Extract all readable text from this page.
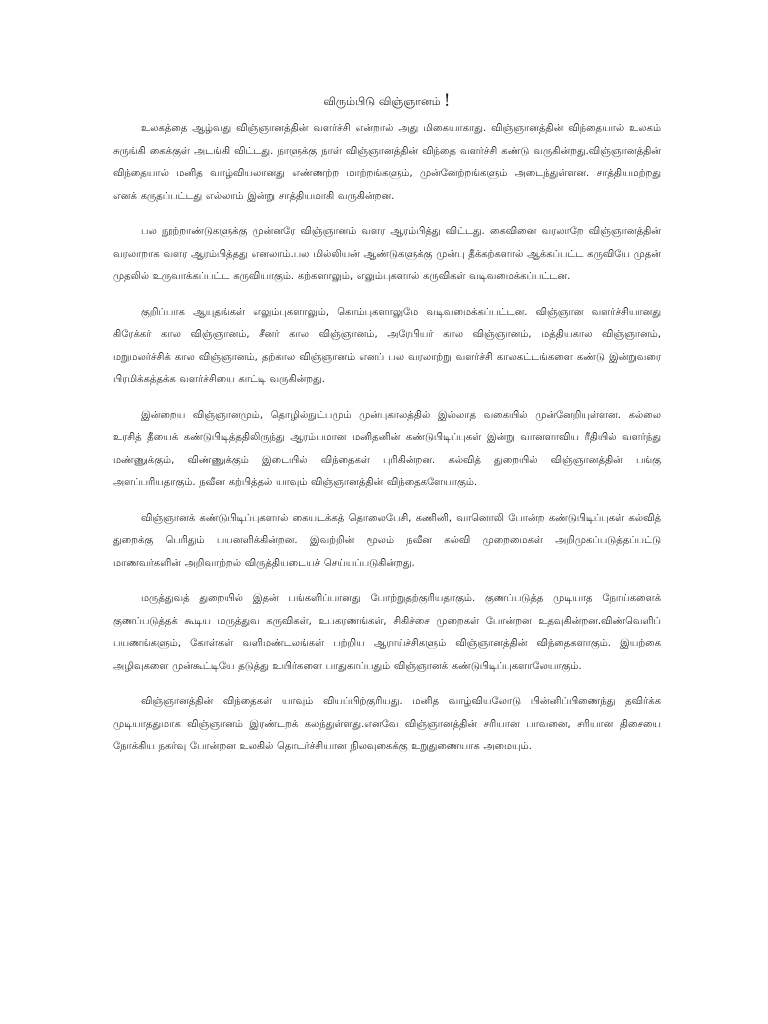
விரும்பிடு விஞ்ஞானம் !

உலகத்தை ஆழ்வது விஞ்ஞானத்தின் வளர்ச்சி என்றால் அது மிகையாகாது. விஞ்ஞானத்தின் விந்தையால் உலகம் சுருங்கி கைக்குள் அடங்கி விட்டது. நாளுக்கு நாள் விஞ்ஞானத்தின் விந்தை வளர்ச்சி கண்டு வருகின்றது.விஞ்ஞானத்தின் விந்தையால் மனித வாழ்வியலானது எண்ணற்ற மாற்றங்களும், முன்னேற்றங்களும் அடைந்துள்ளன. சாத்தியமற்றது எனக் கருதப்பட்டது எல்லாம் இன்று சாத்தியமாகி வருகின்றன.

பல நூற்றாண்டுகளுக்கு முன்னரே விஞ்ஞானம் வளர ஆரம்பித்து விட்டது. கைவினை வரலாறே விஞ்ஞானத்தின் வரலாறாக வளர ஆரம்பித்தது எனலாம்.பல மில்லியன் ஆண்டுகளுக்கு முன்பு தீக்கற்களால் ஆக்கப்பட்ட கருவியே முதன் முதலில் உருவாக்கப்பட்ட கருவியாகும். கற்களாலும், எலும்புகளால் கருவிகள் வடிவமைக்கப்பட்டன.

குறிப்பாக ஆயுதங்கள் எலும்புகளாலும், கொம்புகளாலுமே வடிவமைக்கப்பட்டன. விஞ்ஞான வளர்ச்சியானது கிரேக்கர் கால விஞ்ஞானம், சீனர் கால விஞ்ஞானம், அரேபியர் கால விஞ்ஞானம், மத்தியகால விஞ்ஞானம், மறுமலர்ச்சிக் கால விஞ்ஞானம், தற்கால விஞ்ஞானம் எனப் பல வரலாற்று வளர்ச்சி காலகட்டங்களை கண்டு இன்றுவரை பிரமிக்கத்தக்க வளர்ச்சியை காட்டி வருகின்றது.

இன்றைய விஞ்ஞானமும், தொழில்நுட்பமும் முன்புகாலத்தில் இல்லாத வகையில் முன்னேறியுள்ளன. கல்லை உரசித் தீயைக் கண்டுபிடித்ததிலிருந்து ஆரம்பமான மனிதனின் கண்டுபிடிப்புகள் இன்று வானளாவிய ரீதியில் வளர்ந்து மண்ணுக்கும், விண்ணுக்கும் இடையில் விந்தைகள் புரிகின்றன. கல்வித் துறையில் விஞ்ஞானத்தின் பங்கு அளப்பரியதாகும். நவீன கற்பித்தல் யாவும் விஞ்ஞானத்தின் விந்தைகளேயாகும்.

விஞ்ஞானக் கண்டுபிடிப்புகளால் கையடக்கத் தொலைபேசி, கணினி, வானொலி போன்ற கண்டுபிடிப்புகள் கல்வித் துறைக்கு பெரிதும் பயனளிக்கின்றன. இவற்றின் மூலம் நவீன கல்வி முறைமைகள் அறிமுகப்படுத்தப்பட்டு மாணவர்களின் அறிவாற்றல் விருத்தியடையச் செய்யப்படுகின்றது.

மருத்துவத் துறையில் இதன் பங்களிப்பானது போற்றுதற்குரியதாகும். குணப்படுத்த முடியாத நோய்களைக் குணப்படுத்தக் கூடிய மருத்துவ கருவிகள், உபகரணங்கள், சிகிச்சை முறைகள் போன்றன உதவுகின்றன.விண்வெளிப் பயணங்களும், கோள்கள் வளிமண்டலங்கள் பற்றிய ஆராய்ச்சிகளும் விஞ்ஞானத்தின் விந்தைகளாகும். இயற்கை அழிவுகளை முன்கூட்டியே தடுத்து உயிர்களை பாதுகாப்பதும் விஞ்ஞானக் கண்டுபிடிப்புகளாலேயாகும்.

விஞ்ஞானத்தின் விந்தைகள் யாவும் வியப்பிற்குரியது. மனித வாழ்வியலோடு பின்னிப்பிணைந்து தவிர்க்க முடியாததுமாக விஞ்ஞானம் இரண்டறக் கலந்துள்ளது.எனவே விஞ்ஞானத்தின் சரியான பாவனை, சரியான திசையை நோக்கிய நகர்வு போன்றன உலகில் தொடர்ச்சியான நிலவுகைக்கு உறுதுணையாக அமையும்.
